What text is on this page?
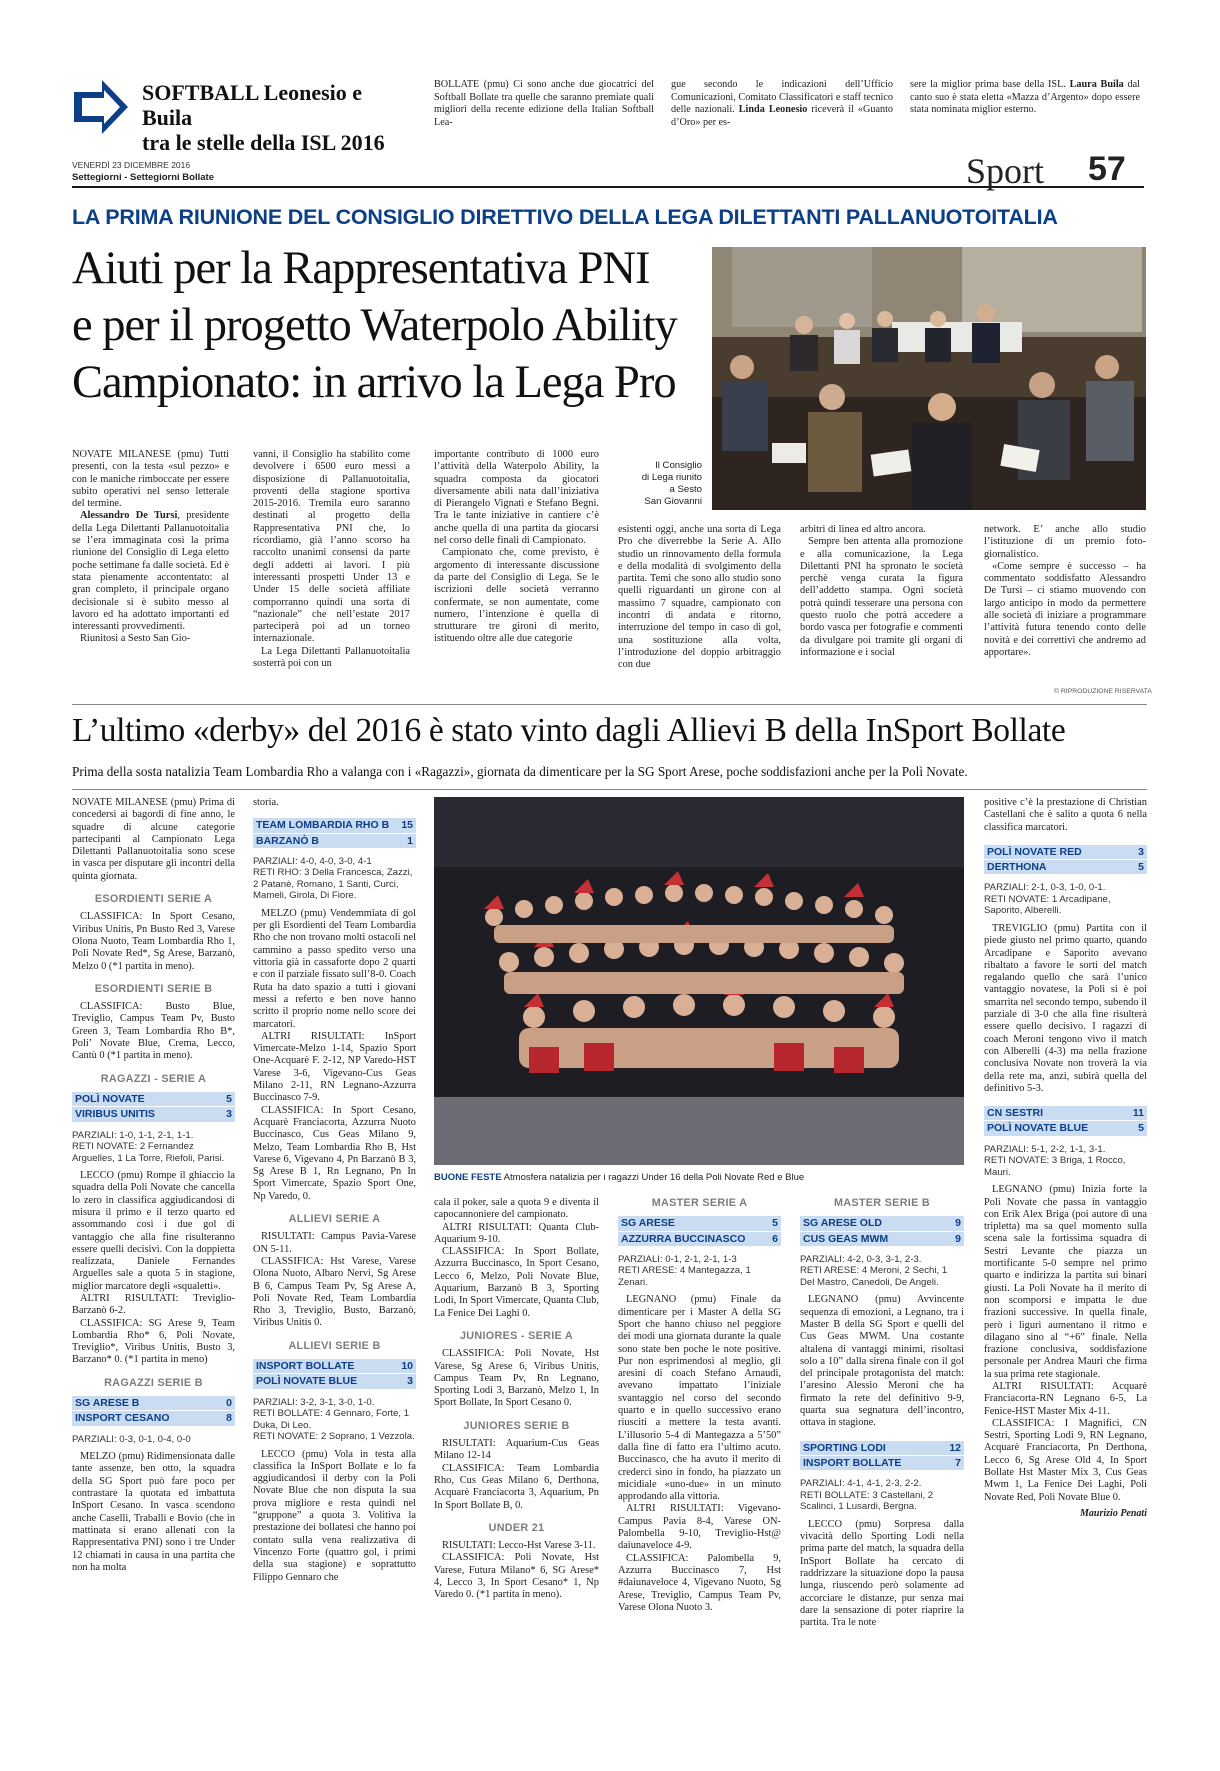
SOFTBALL Leonesio e Buila
tra le stelle della ISL 2016

BOLLATE (pmu) Ci sono anche due giocatrici del Softball Bollate tra quelle che saranno premiate quali migliori della recente edizione della Italian Softball Lea-

gue secondo le indicazioni dell’Ufficio Comunicazioni, Comitato Classificatori e staff tecnico delle nazionali. Linda Leonesio riceverà il «Guanto d’Oro» per es-

sere la miglior prima base della ISL. Laura Buila dal canto suo è stata eletta «Mazza d’Argento» dopo essere stata nominata miglior esterno.

VENERDÌ 23 DICEMBRE 2016
Settegiorni - Settegiorni Bollate	Sport 57
LA PRIMA RIUNIONE DEL CONSIGLIO DIRETTIVO DELLA LEGA DILETTANTI PALLANUOTOITALIA
Aiuti per la Rappresentativa PNI
e per il progetto Waterpolo Ability
Campionato: in arrivo la Lega Pro
Il Consiglio
di Lega riunito
a Sesto
San Giovanni

NOVATE MILANESE (pmu) Tutti presenti, con la testa «sul pezzo» e con le maniche rimboccate per essere subito operativi nel senso letterale del termine.

Alessandro De Tursi, presidente della Lega Dilettanti Pallanuotoitalia se l’era immaginata così la prima riunione del Consiglio di Lega eletto poche settimane fa dalle società. Ed è stata pienamente accontentato: al gran completo, il principale organo decisionale si è subito messo al lavoro ed ha adottato importanti ed interessanti provvedimenti.

Riunitosi a Sesto San Gio-

vanni, il Consiglio ha stabilito come devolvere i 6500 euro messi a disposizione di Pallanuotoitalia, proventi della stagione sportiva 2015-2016. Tremila euro saranno destinati al progetto della Rappresentativa PNI che, lo ricordiamo, già l’anno scorso ha raccolto unanimi consensi da parte degli addetti ai lavori. I più interessanti prospetti Under 13 e Under 15 delle società affiliate comporranno quindi una sorta di “nazionale” che nell’estate 2017 parteciperà poi ad un torneo internazionale.

La Lega Dilettanti Pallanuotoitalia sosterrà poi con un

importante contributo di 1000 euro l’attività della Waterpolo Ability, la squadra composta da giocatori diversamente abili nata dall’iniziativa di Pierangelo Vignati e Stefano Begni. Tra le tante iniziative in cantiere c’è anche quella di una partita da giocarsi nel corso delle finali di Campionato.

Campionato che, come previsto, è argomento di interessante discussione da parte del Consiglio di Lega. Se le iscrizioni delle società verranno confermate, se non aumentate, come numero, l’intenzione è quella di strutturare tre gironi di merito, istituendo oltre alle due categorie

esistenti oggi, anche una sorta di Lega Pro che diverrebbe la Serie A. Allo studio un rinnovamento della formula e della modalità di svolgimento della partita. Temi che sono allo studio sono quelli riguardanti un girone con al massimo 7 squadre, campionato con incontri di andata e ritorno, interruzione del tempo in caso di gol, una sostituzione alla volta, l’introduzione del doppio arbitraggio con due

arbitri di linea ed altro ancora.

Sempre ben attenta alla promozione e alla comunicazione, la Lega Dilettanti PNI ha spronato le società perchè venga curata la figura dell’addetto stampa. Ogni società potrà quindi tesserare una persona con questo ruolo che potrà accedere a bordo vasca per fotografie e commenti da divulgare poi tramite gli organi di informazione e i social

network. E’ anche allo studio l’istituzione di un premio foto-giornalistico.

«Come sempre è successo – ha commentato soddisfatto Alessandro De Tursi – ci stiamo muovendo con largo anticipo in modo da permettere alle società di iniziare a programmare l’attività futura tenendo conto delle novità e dei correttivi che andremo ad apportare».

© RIPRODUZIONE RISERVATA
L’ultimo «derby» del 2016 è stato vinto dagli Allievi B della InSport Bollate
Prima della sosta natalizia Team Lombardia Rho a valanga con i «Ragazzi», giornata da dimenticare per la SG Sport Arese, poche soddisfazioni anche per la Polì Novate.

NOVATE MILANESE (pmu) Prima di concedersi ai bagordi di fine anno, le squadre di alcune categorie partecipanti al Campionato Lega Dilettanti Pallanuotoitalia sono scese in vasca per disputare gli incontri della quinta giornata.

ESORDIENTI SERIE A

CLASSIFICA: In Sport Cesano, Viribus Unitis, Pn Busto Red 3, Varese Olona Nuoto, Team Lombardia Rho 1, Poli Novate Red*, Sg Arese, Barzanò, Melzo 0 (*1 partita in meno).

ESORDIENTI SERIE B

CLASSIFICA: Busto Blue, Treviglio, Campus Team Pv, Busto Green 3, Team Lombardia Rho B*, Poli’ Novate Blue, Crema, Lecco, Cantù 0 (*1 partita in meno).

RAGAZZI - SERIE A
POLÌ NOVATE	5
VIRIBUS UNITIS	3
PARZIALI: 1-0, 1-1, 2-1, 1-1.
RETI NOVATE: 2 Fernandez Arguelles, 1 La Torre, Riefoli, Parisi.

LECCO (pmu) Rompe il ghiaccio la squadra della Poli Novate che cancella lo zero in classifica aggiudicandosi di misura il primo e il terzo quarto ed assommando così i due gol di vantaggio che alla fine risulteranno essere quelli decisivi. Con la doppietta realizzata, Daniele Fernandes Arguelles sale a quota 5 in stagione, miglior marcatore degli «squaletti».

ALTRI RISULTATI: Treviglio-Barzanò 6-2.

CLASSIFICA: SG Arese 9, Team Lombardia Rho* 6, Poli Novate, Treviglio*, Viribus Unitis, Busto 3, Barzano* 0. (*1 partita in meno)

RAGAZZI SERIE B
SG ARESE B	0
INSPORT CESANO	8
PARZIALI: 0-3, 0-1, 0-4, 0-0

MELZO (pmu) Ridimensionata dalle tante assenze, ben otto, la squadra della SG Sport può fare poco per contrastare la quotata ed imbattuta InSport Cesano. In vasca scendono anche Caselli, Traballi e Bovio (che in mattinata si erano allenati con la Rappresentativa PNI) sono i tre Under 12 chiamati in causa in una partita che non ha molta

storia.

TEAM LOMBARDIA RHO B 15
BARZANÒ B	1
PARZIALI: 4-0, 4-0, 3-0, 4-1
RETI RHO: 3 Della Francesca, Zazzi, 2 Patanè, Romano, 1 Santi, Curci, Mameli, Girola, Di Fiore.

MELZO (pmu) Vendemmiata di gol per gli Esordienti del Team Lombardia Rho che non trovano molti ostacoli nel cammino a passo spedito verso una vittoria già in cassaforte dopo 2 quarti e con il parziale fissato sull’8-0. Coach Ruta ha dato spazio a tutti i giovani messi a referto e ben nove hanno scritto il proprio nome nello score dei marcatori.

ALTRI RISULTATI: InSport Vimercate-Melzo 1-14, Spazio Sport One-Acquarè F. 2-12, NP Varedo-HST Varese 3-6, Vigevano-Cus Geas Milano 2-11, RN Legnano-Azzurra Buccinasco 7-9.

CLASSIFICA: In Sport Cesano, Acquarè Franciacorta, Azzurra Nuoto Buccinasco, Cus Geas Milano 9, Melzo, Team Lombardia Rho B, Hst Varese 6, Vigevano 4, Pn Barzanò B 3, Sg Arese B 1, Rn Legnano, Pn In Sport Vimercate, Spazio Sport One, Np Varedo, 0.

ALLIEVI SERIE A

RISULTATI: Campus Pavia-Varese ON 5-11.

CLASSIFICA: Hst Varese, Varese Olona Nuoto, Albaro Nervi, Sg Arese B 6, Campus Team Pv, Sg Arese A, Poli Novate Red, Team Lombardia Rho 3, Treviglio, Busto, Barzanò, Viribus Unitis 0.

ALLIEVI SERIE B
INSPORT BOLLATE	10
POLÌ NOVATE BLUE	3
PARZIALI: 3-2, 3-1, 3-0, 1-0.
RETI BOLLATE: 4 Gennaro, Forte, 1 Duka, Di Leo.
RETI NOVATE: 2 Soprano, 1 Vezzola.

LECCO (pmu) Vola in testa alla classifica la InSport Bollate e lo fa aggiudicandosi il derby con la Poli Novate Blue che non disputa la sua prova migliore e resta quindi nel “gruppone” a quota 3. Volitiva la prestazione dei bollatesi che hanno poi contato sulla vena realizzativa di Vincenzo Forte (quattro gol, i primi della sua stagione) e soprattutto Filippo Gennaro che

BUONE FESTE Atmosfera natalizia per i ragazzi Under 16 della Poli Novate Red e Blue

cala il poker, sale a quota 9 e diventa il capocannoniere del campionato.

ALTRI RISULTATI: Quanta Club-Aquarium 9-10.

CLASSIFICA: In Sport Bollate, Azzurra Buccinasco, In Sport Cesano, Lecco 6, Melzo, Poli Novate Blue, Aquarium, Barzanò B 3, Sporting Lodi, In Sport Vimercate, Quanta Club, La Fenice Dei Laghi 0.

JUNIORES - SERIE A

CLASSIFICA: Poli Novate, Hst Varese, Sg Arese 6, Viribus Unitis, Campus Team Pv, Rn Legnano, Sporting Lodi 3, Barzanò, Melzo 1, In Sport Bollate, In Sport Cesano 0.

JUNIORES SERIE B

RISULTATI: Aquarium-Cus Geas Milano 12-14

CLASSIFICA: Team Lombardia Rho, Cus Geas Milano 6, Derthona, Acquarè Franciacorta 3, Aquarium, Pn In Sport Bollate B, 0.

UNDER 21

RISULTATI: Lecco-Hst Varese 3-11.

CLASSIFICA: Poli Novate, Hst Varese, Futura Milano* 6, SG Arese* 4, Lecco 3, In Sport Cesano* 1, Np Varedo 0. (*1 partita in meno).

MASTER SERIE A
SG ARESE	5
AZZURRA BUCCINASCO	6
PARZIALI: 0-1, 2-1, 2-1, 1-3
RETI ARESE: 4 Mantegazza, 1 Zenari.

LEGNANO (pmu) Finale da dimenticare per i Master A della SG Sport che hanno chiuso nel peggiore dei modi una giornata durante la quale sono state ben poche le note positive. Pur non esprimendosi al meglio, gli aresini di coach Stefano Arnaudi, avevano impattato l’iniziale svantaggio nel corso del secondo quarto e in quello successivo erano riusciti a mettere la testa avanti. L’illusorio 5-4 di Mantegazza a 5’50” dalla fine di fatto era l’ultimo acuto. Buccinasco, che ha avuto il merito di crederci sino in fondo, ha piazzato un micidiale «uno-due» in un minuto approdando alla vittoria.

ALTRI RISULTATI: Vigevano-Campus Pavia 8-4, Varese ON-Palombella 9-10, Treviglio-Hst@ daiunaveloce 4-9.

CLASSIFICA: Palombella 9, Azzurra Buccinasco 7, Hst #daiunaveloce 4, Vigevano Nuoto, Sg Arese, Treviglio, Campus Team Pv, Varese Olona Nuoto 3.

MASTER SERIE B
SG ARESE OLD	9
CUS GEAS MWM	9
PARZIALI: 4-2, 0-3, 3-1, 2-3.
RETI ARESE: 4 Meroni, 2 Sechi, 1 Del Mastro, Canedoli, De Angeli.

LEGNANO (pmu) Avvincente sequenza di emozioni, a Legnano, tra i Master B della SG Sport e quelli del Cus Geas MWM. Una costante altalena di vantaggi minimi, risoltasi solo a 10” dalla sirena finale con il gol del principale protagonista del match: l’aresino Alessio Meroni che ha firmato la rete del definitivo 9-9, quarta sua segnatura dell’incontro, ottava in stagione.

SPORTING LODI	12
INSPORT BOLLATE	7
PARZIALI: 4-1, 4-1, 2-3, 2-2.
RETI BOLLATE: 3 Castellani, 2 Scalinci, 1 Lusardi, Bergna.

LECCO (pmu) Sorpresa dalla vivacità dello Sporting Lodi nella prima parte del match, la squadra della InSport Bollate ha cercato di raddrizzare la situazione dopo la pausa lunga, riuscendo però solamente ad accorciare le distanze, pur senza mai dare la sensazione di poter riaprire la partita. Tra le note

positive c’è la prestazione di Christian Castellani che è salito a quota 6 nella classifica marcatori.

POLÌ NOVATE RED	3
DERTHONA	5
PARZIALI: 2-1, 0-3, 1-0, 0-1.
RETI NOVATE: 1 Arcadipane, Saporito, Alberelli.

TREVIGLIO (pmu) Partita con il piede giusto nel primo quarto, quando Arcadipane e Saporito avevano ribaltato a favore le sorti del match regalando quello che sarà l’unico vantaggio novatese, la Poli si è poi smarrita nel secondo tempo, subendo il parziale di 3-0 che alla fine risulterà essere quello decisivo. I ragazzi di coach Meroni tengono vivo il match con Alberelli (4-3) ma nella frazione conclusiva Novate non troverà la via della rete ma, anzi, subirà quella del definitivo 5-3.

CN SESTRI	11
POLÌ NOVATE BLUE	5
PARZIALI: 5-1, 2-2, 1-1, 3-1.
RETI NOVATE: 3 Briga, 1 Rocco, Mauri.

LEGNANO (pmu) Inizia forte la Poli Novate che passa in vantaggio con Erik Alex Briga (poi autore di una tripletta) ma sa quel momento sulla scena sale la fortissima squadra di Sestri Levante che piazza un mortificante 5-0 sempre nel primo quarto e indirizza la partita sui binari giusti. La Poli Novate ha il merito di non scomporsi e impatta le due frazioni successive. In quella finale, però i liguri aumentano il ritmo e dilagano sino al “+6” finale. Nella frazione conclusiva, soddisfazione personale per Andrea Mauri che firma la sua prima rete stagionale.

ALTRI RISULTATI: Acquarè Franciacorta-RN Legnano 6-5, La Fenice-HST Master Mix 4-11.

CLASSIFICA: I Magnifici, CN Sestri, Sporting Lodi 9, RN Legnano, Acquarè Franciacorta, Pn Derthona, Lecco 6, Sg Arese Old 4, In Sport Bollate Hst Master Mix 3, Cus Geas Mwm 1, La Fenice Dei Laghi, Poli Novate Red, Poli Novate Blue 0.

Maurizio Penati
